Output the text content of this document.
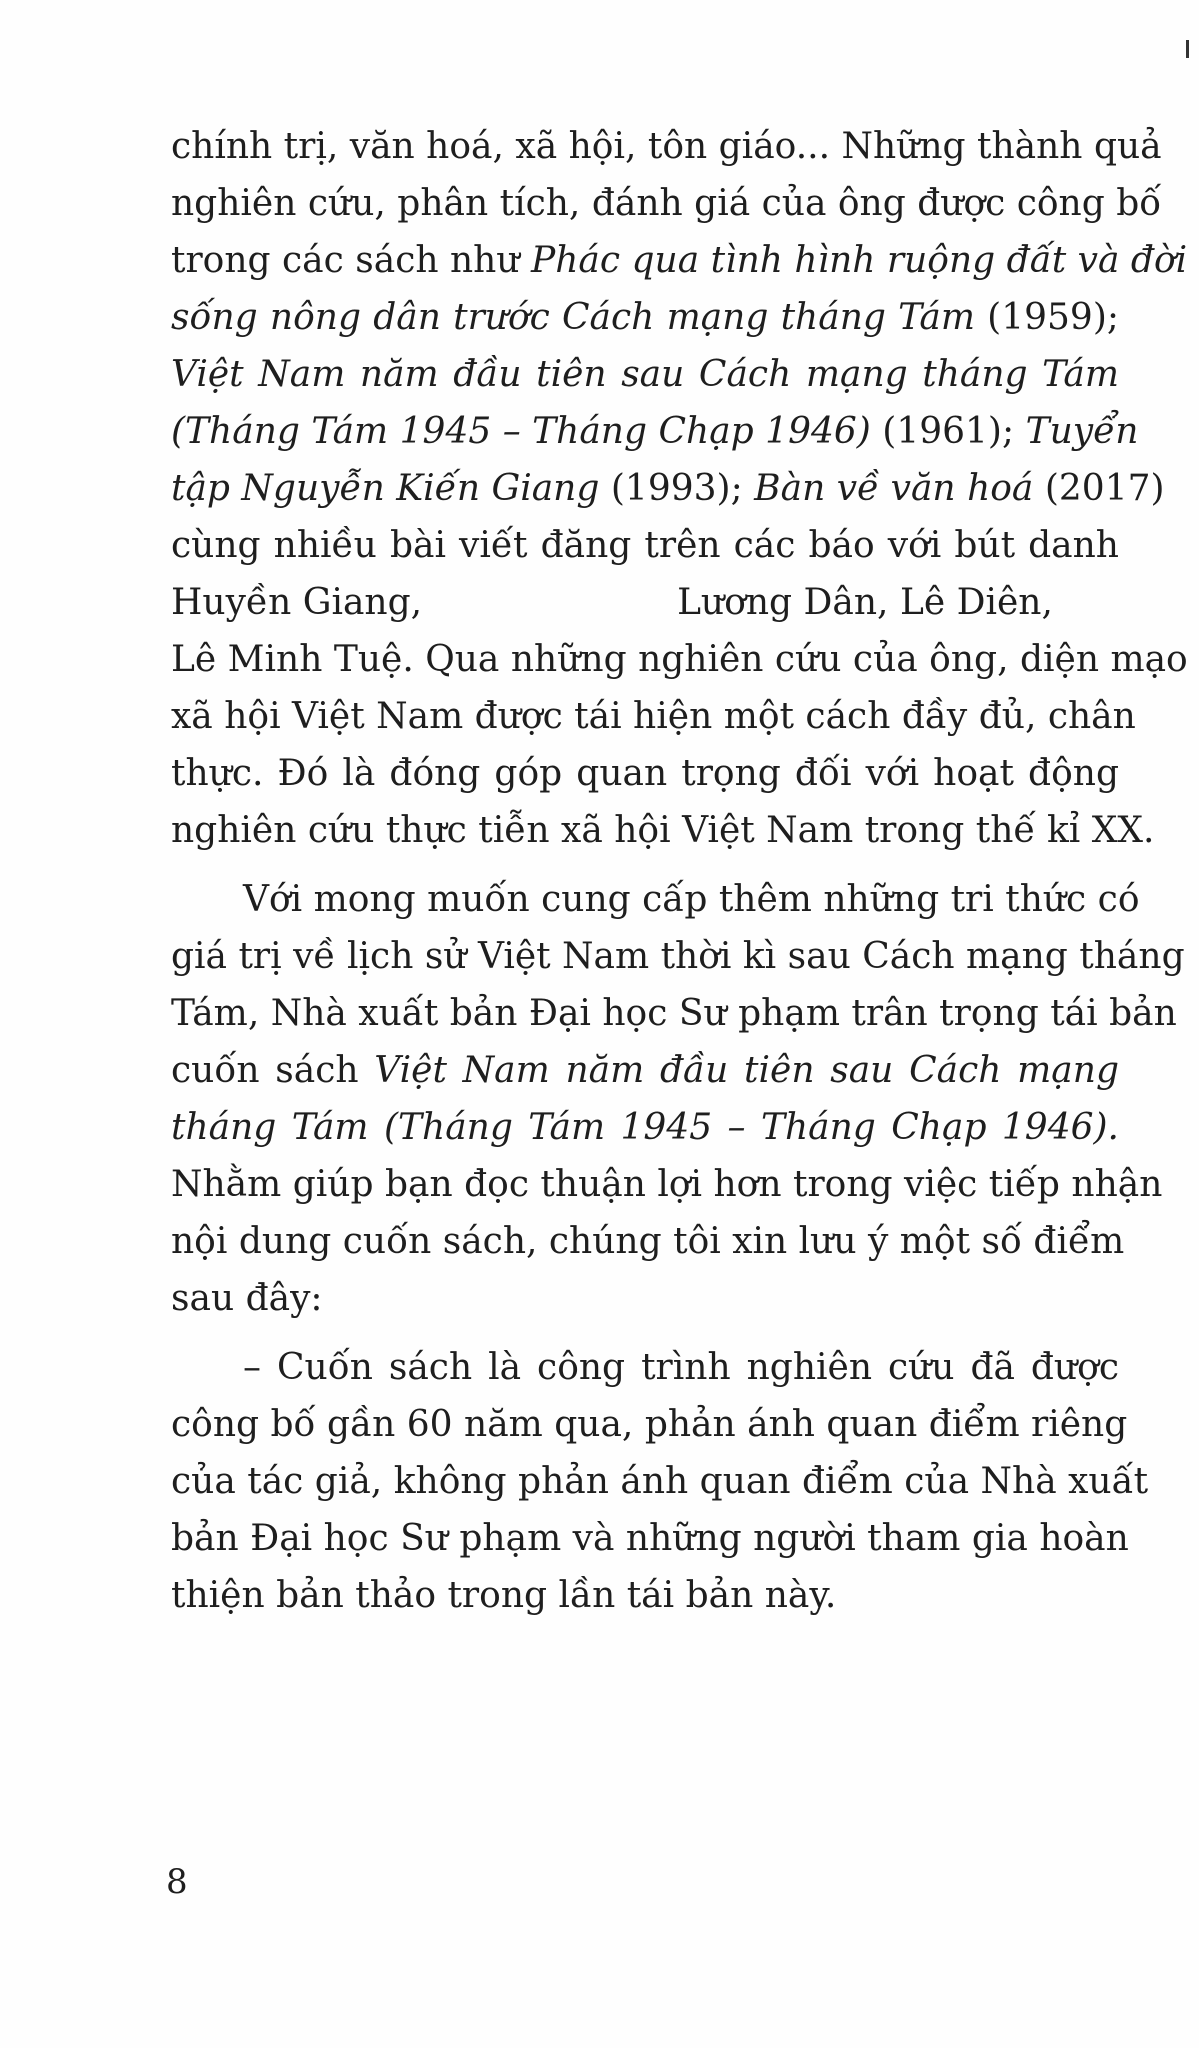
chính trị, văn hoá, xã hội, tôn giáo... Những thành quả
nghiên cứu, phân tích, đánh giá của ông được công bố
trong các sách như Phác qua tình hình ruộng đất và đời
sống nông dân trước Cách mạng tháng Tám (1959);
Việt Nam năm đầu tiên sau Cách mạng tháng Tám
(Tháng Tám 1945 – Tháng Chạp 1946) (1961); Tuyển
tập Nguyễn Kiến Giang (1993); Bàn về văn hoá (2017)
cùng nhiều bài viết đăng trên các báo với bút danh
Huyền Giang,	Lương Dân, Lê Diên,
Lê Minh Tuệ. Qua những nghiên cứu của ông, diện mạo
xã hội Việt Nam được tái hiện một cách đầy đủ, chân
thực. Đó là đóng góp quan trọng đối với hoạt động
nghiên cứu thực tiễn xã hội Việt Nam trong thế kỉ XX.
Với mong muốn cung cấp thêm những tri thức có
giá trị về lịch sử Việt Nam thời kì sau Cách mạng tháng
Tám, Nhà xuất bản Đại học Sư phạm trân trọng tái bản
cuốn sách Việt Nam năm đầu tiên sau Cách mạng
tháng Tám (Tháng Tám 1945 – Tháng Chạp 1946).
Nhằm giúp bạn đọc thuận lợi hơn trong việc tiếp nhận
nội dung cuốn sách, chúng tôi xin lưu ý một số điểm
sau đây:
– Cuốn sách là công trình nghiên cứu đã được
công bố gần 60 năm qua, phản ánh quan điểm riêng
của tác giả, không phản ánh quan điểm của Nhà xuất
bản Đại học Sư phạm và những người tham gia hoàn
thiện bản thảo trong lần tái bản này.
8
